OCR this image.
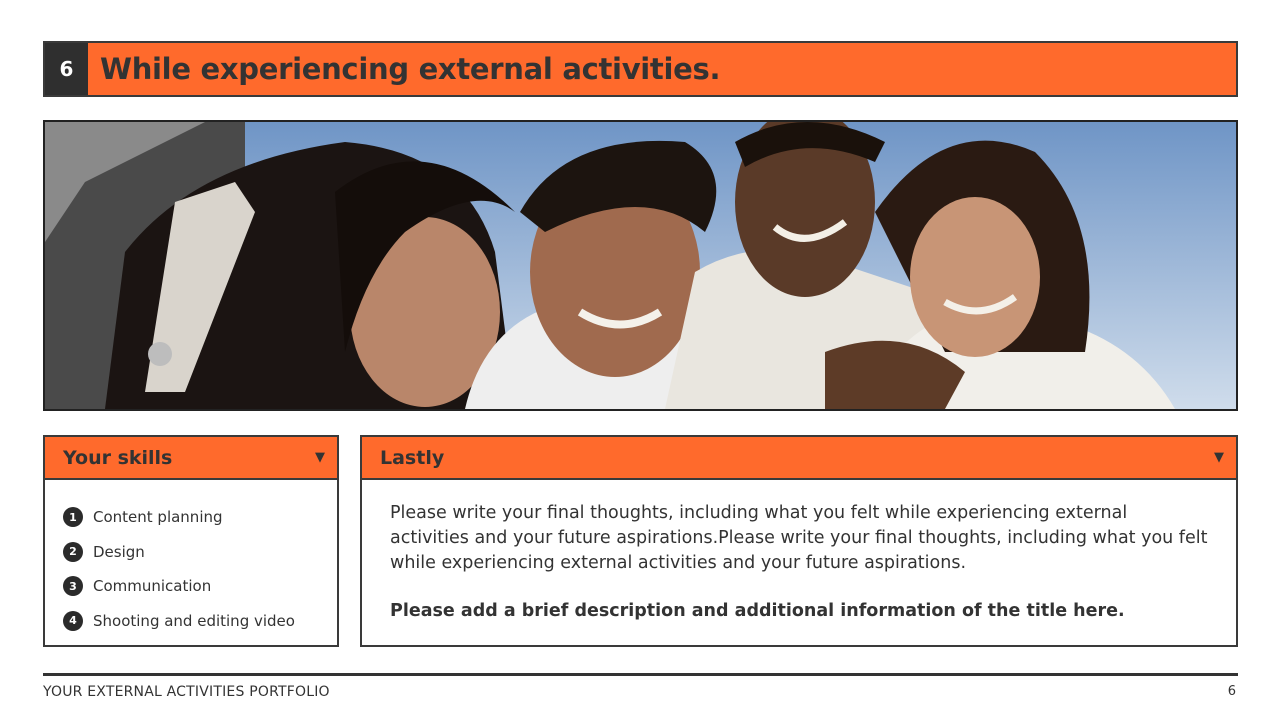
6 While experiencing external activities.
Your skills	▼
1	Content planning
2	Design
3	Communication
4	Shooting and editing video
Lastly	▼

Please write your final thoughts, including what you felt while experiencing external activities and your future aspirations.Please write your final thoughts, including what you felt while experiencing external activities and your future aspirations.

Please add a brief description and additional information of the title here.

YOUR EXTERNAL ACTIVITIES PORTFOLIO	6
